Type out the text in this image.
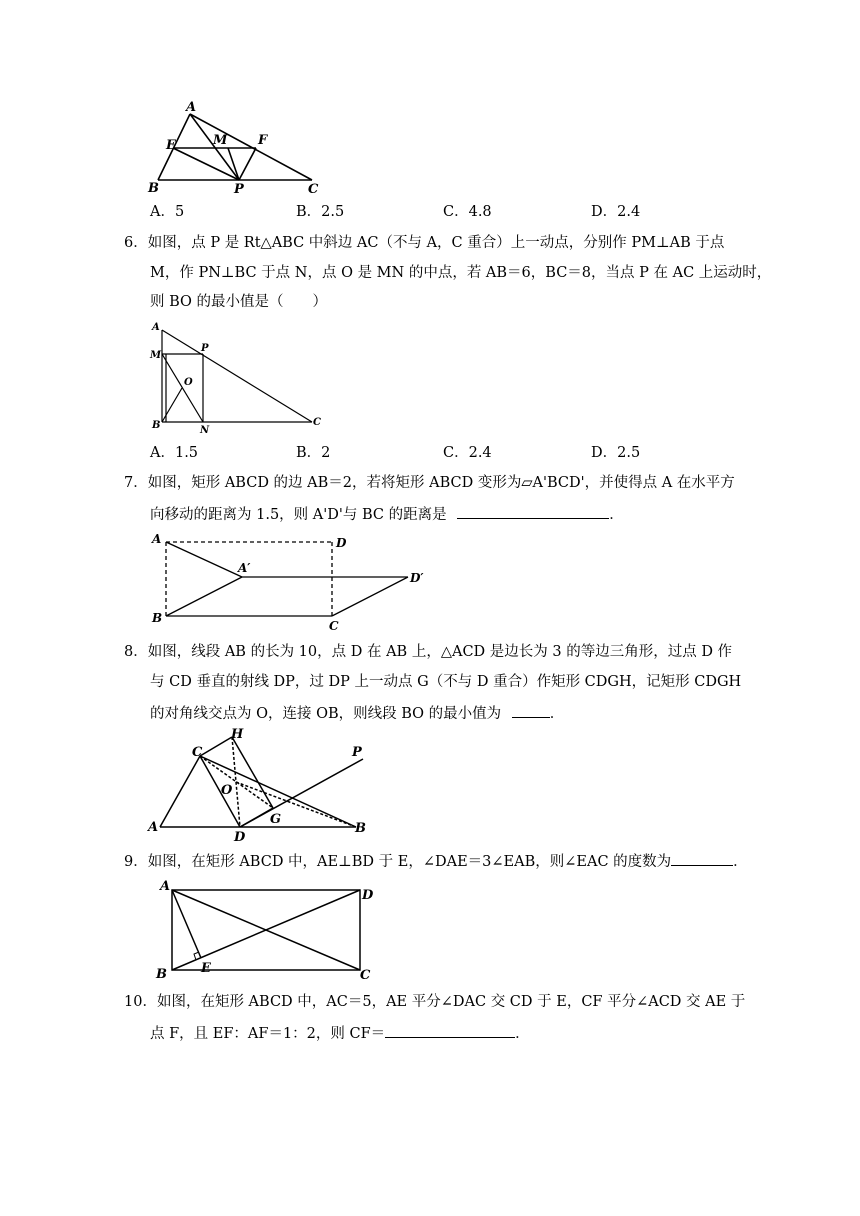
A
E	M F
B	P	C
A．5	B．2.5	C．4.8	D．2.4
6．如图，点 P 是 Rt△ABC 中斜边 AC（不与 A，C 重合）上一动点，分别作 PM⊥AB 于点
M，作 PN⊥BC 于点 N，点 O 是 MN 的中点，若 AB＝6，BC＝8，当点 P 在 AC 上运动时，
则 BO 的最小值是（　　）
A
M
P
O
B	N
C
A．1.5	B．2	C．2.4	D．2.5
7．如图，矩形 ABCD 的边 AB＝2，若将矩形 ABCD 变形为▱A'BCD'，并使得点 A 在水平方
向移动的距离为 1.5，则 A'D'与 BC 的距离是	．
A	D
A′
D′
B
C
8．如图，线段 AB 的长为 10，点 D 在 AB 上，△ACD 是边长为 3 的等边三角形，过点 D 作
与 CD 垂直的射线 DP，过 DP 上一动点 G（不与 D 重合）作矩形 CDGH，记矩形 CDGH
的对角线交点为 O，连接 OB，则线段 BO 的最小值为	．
C
H
P
O
G
A
D
B
9．如图，在矩形 ABCD 中，AE⊥BD 于 E，∠DAE＝3∠EAB，则∠EAC 的度数为	．
A
D
B	E	C
10．如图，在矩形 ABCD 中，AC＝5，AE 平分∠DAC 交 CD 于 E，CF 平分∠ACD 交 AE 于
点 F，且 EF：AF＝1：2，则 CF＝	．
